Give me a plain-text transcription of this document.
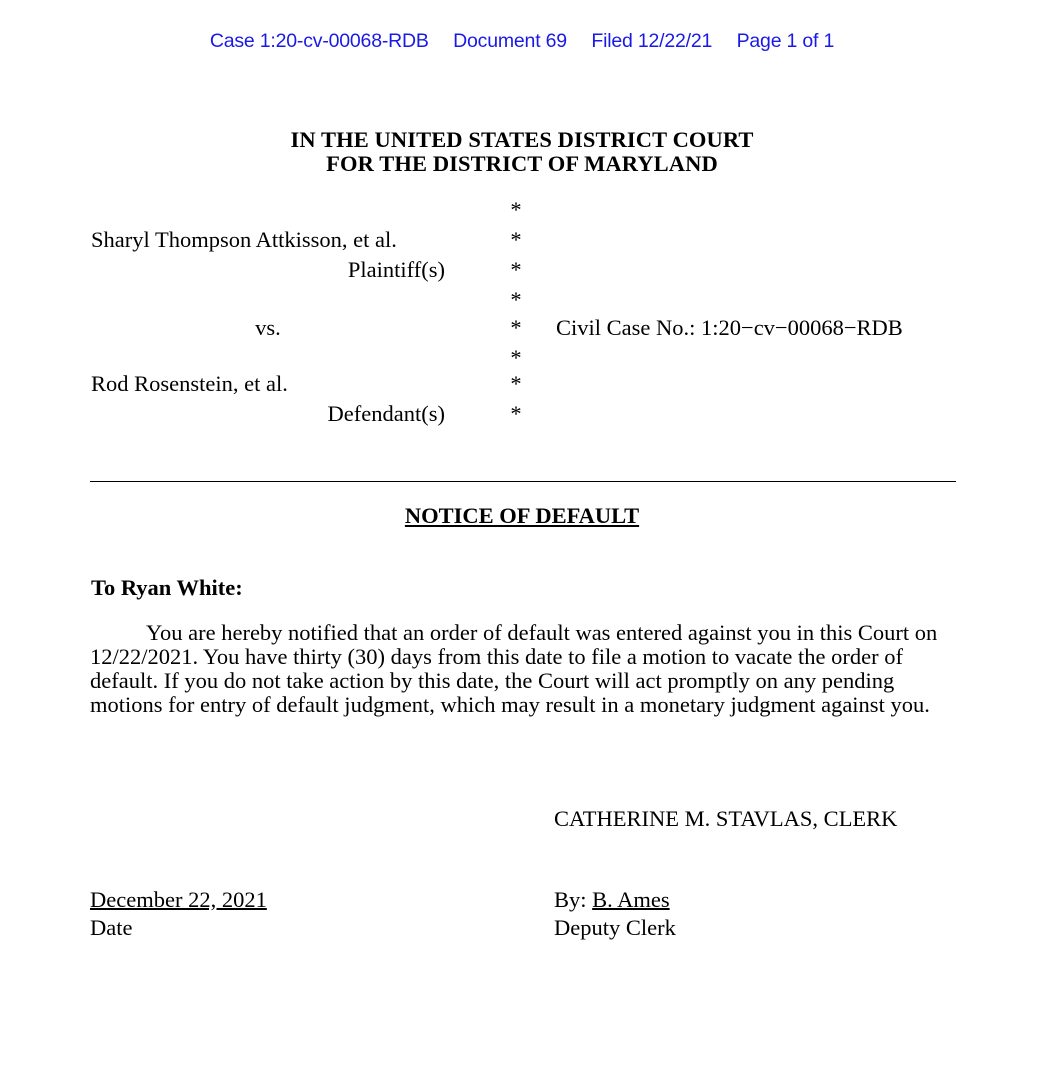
Case 1:20-cv-00068-RDB Document 69 Filed 12/22/21 Page 1 of 1
IN THE UNITED STATES DISTRICT COURT
FOR THE DISTRICT OF MARYLAND
*
Sharyl Thompson Attkisson, et al.	*
Plaintiff(s)	*
*
vs.	* Civil Case No.: 1:20−cv−00068−RDB
*
Rod Rosenstein, et al.	*
Defendant(s)	*
NOTICE OF DEFAULT
To Ryan White:
You are hereby notified that an order of default was entered against you in this Court on 12/22/2021. You have thirty (30) days from this date to file a motion to vacate the order of default. If you do not take action by this date, the Court will act promptly on any pending motions for entry of default judgment, which may result in a monetary judgment against you.
CATHERINE M. STAVLAS, CLERK
December 22, 2021
Date
By: B. Ames
Deputy Clerk
